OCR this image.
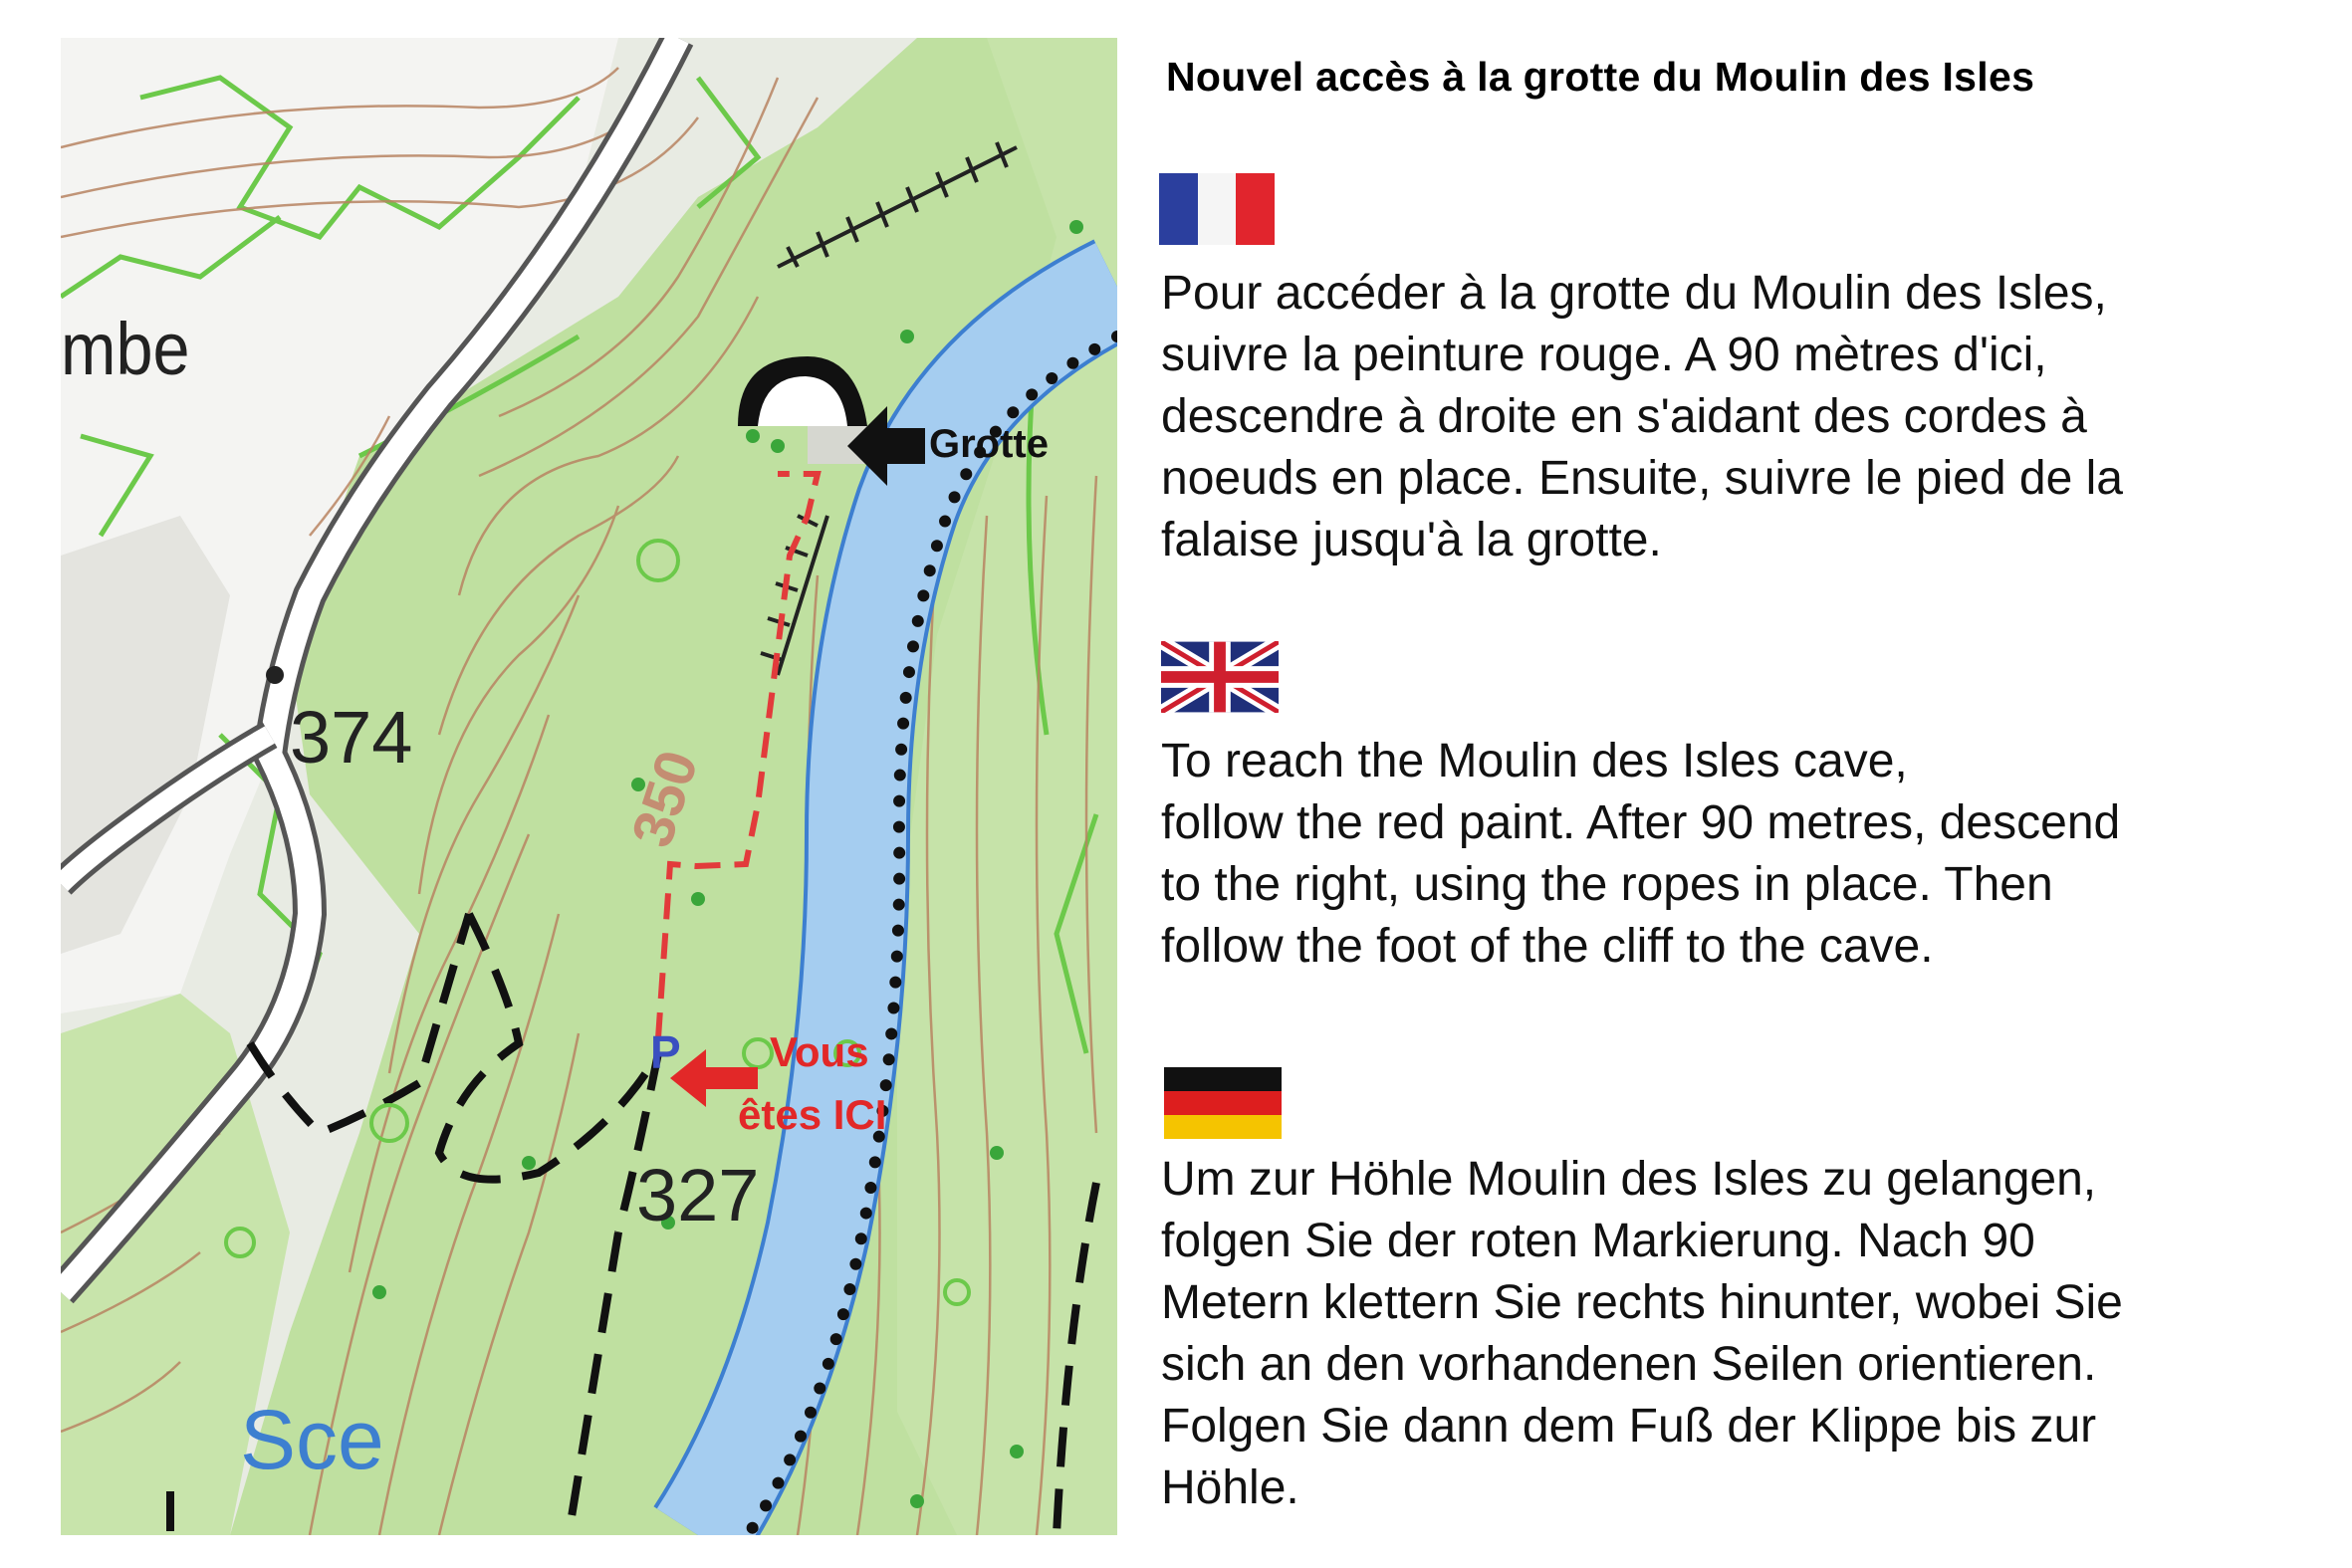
mbe
374
350
327
Sce
Grotte
P Vous
êtes ICI
Nouvel accès à la grotte du Moulin des Isles
Pour accéder à la grotte du Moulin des Isles,
suivre la peinture rouge. A 90 mètres d'ici,
descendre à droite en s'aidant des cordes à
noeuds en place. Ensuite, suivre le pied de la
falaise jusqu'à la grotte.
To reach the Moulin des Isles cave,
follow the red paint. After 90 metres, descend
to the right, using the ropes in place. Then
follow the foot of the cliff to the cave.
Um zur Höhle Moulin des Isles zu gelangen,
folgen Sie der roten Markierung. Nach 90
Metern klettern Sie rechts hinunter, wobei Sie
sich an den vorhandenen Seilen orientieren.
Folgen Sie dann dem Fuß der Klippe bis zur
Höhle.
